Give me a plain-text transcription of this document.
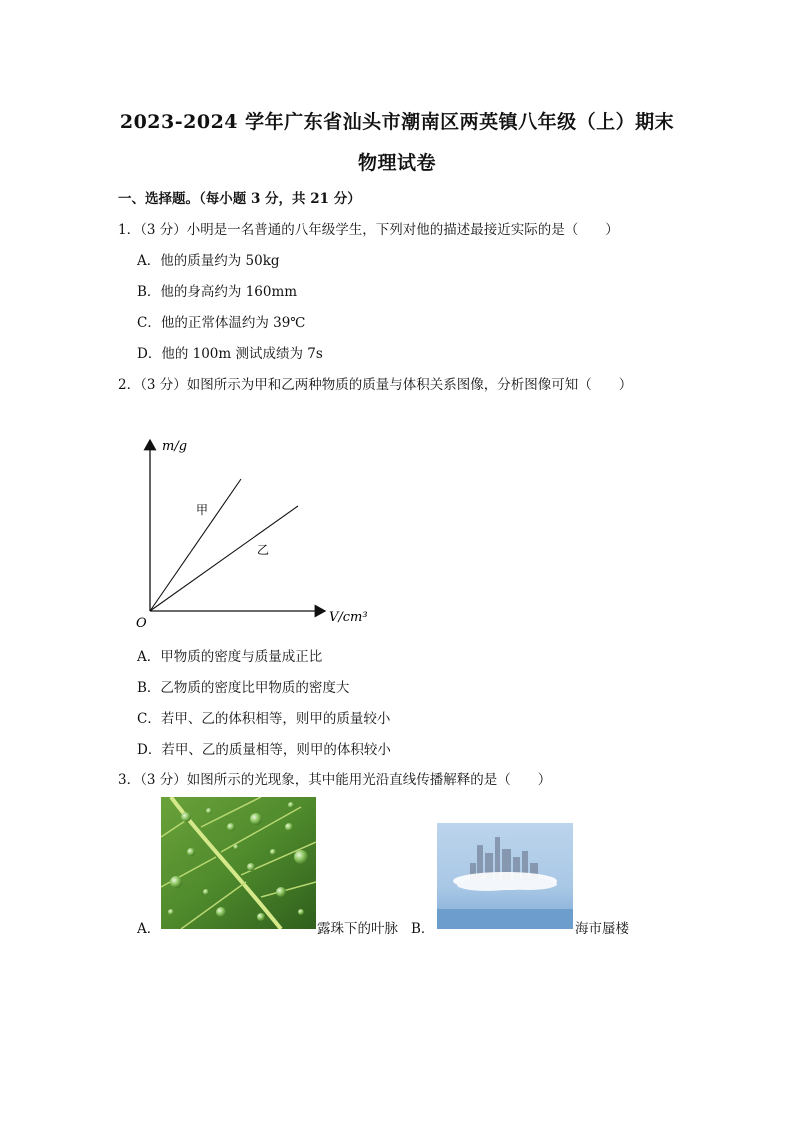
2023-2024 学年广东省汕头市潮南区两英镇八年级（上）期末
物理试卷
一、选择题。（每小题 3 分，共 21 分）
1．（3 分）小明是一名普通的八年级学生，下列对他的描述最接近实际的是（　　）
A．他的质量约为 50kg
B．他的身高约为 160mm
C．他的正常体温约为 39℃
D．他的 100m 测试成绩为 7s
2．（3 分）如图所示为甲和乙两种物质的质量与体积关系图像，分析图像可知（　　）
m/g
V/cm³
O
甲
乙
A．甲物质的密度与质量成正比
B．乙物质的密度比甲物质的密度大
C．若甲、乙的体积相等，则甲的质量较小
D．若甲、乙的质量相等，则甲的体积较小
3．（3 分）如图所示的光现象，其中能用光沿直线传播解释的是（　　）
A．	露珠下的叶脉 B．	海市蜃楼
